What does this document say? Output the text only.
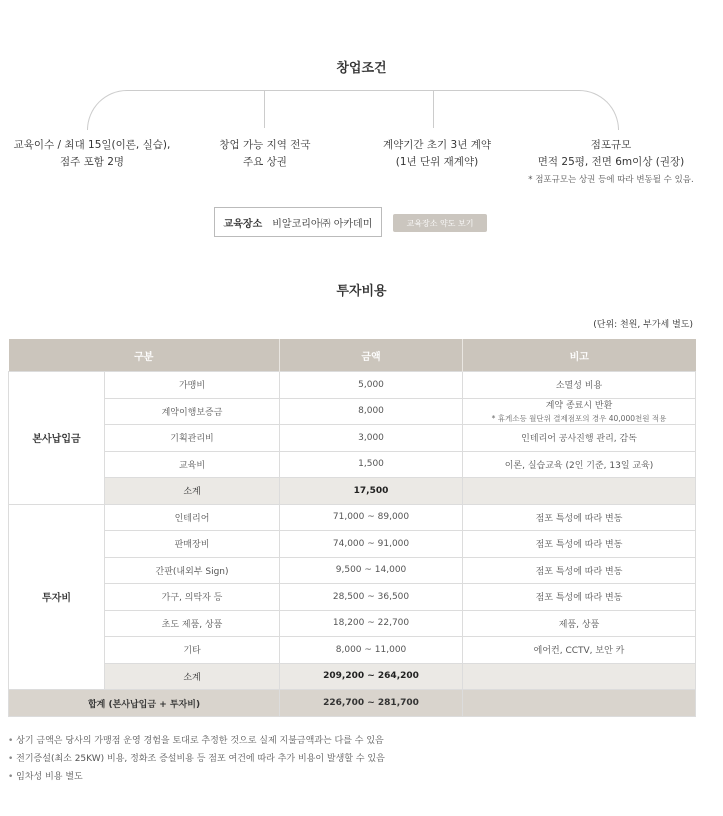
창업조건
교육이수 / 최대 15일(이론, 실습),
점주 포함 2명
창업 가능 지역 전국
주요 상권
계약기간 초기 3년 계약
(1년 단위 재계약)
점포규모
면적 25평, 전면 6m이상 (권장)
* 점포규모는 상권 등에 따라 변동될 수 있음.
교육장소 비알코리아㈜ 아카데미	교육장소 약도 보기
투자비용
(단위: 천원, 부가세 별도)
구분		금액	비고
본사납입금	가맹비	5,000	소멸성 비용
	계약이행보증금	8,000	계약 종료시 반환
* 휴게소등 월단위 결제점포의 경우 40,000천원 적용

	기획관리비	3,000	인테리어 공사진행 관리, 감독
	교육비	1,500	이론, 실습교육 (2인 기준, 13일 교육)
	소계	17,500	
투자비	인테리어	71,000 ~ 89,000	점포 특성에 따라 변동
	판매장비	74,000 ~ 91,000	점포 특성에 따라 변동
	간판(내외부 Sign)	9,500 ~ 14,000	점포 특성에 따라 변동
	가구, 의탁자 등	28,500 ~ 36,500	점포 특성에 따라 변동
	초도 제품, 상품	18,200 ~ 22,700	제품, 상품
	기타	8,000 ~ 11,000	에어컨, CCTV, 보안 카
	소계	209,200 ~ 264,200	
합계 (본사납입금 + 투자비)		226,700 ~ 281,700	
• 상기 금액은 당사의 가맹점 운영 경험을 토대로 추정한 것으로 실제 지불금액과는 다를 수 있음
• 전기증설(최소 25KW) 비용, 정화조 증설비용 등 점포 여건에 따라 추가 비용이 발생할 수 있음
• 임차성 비용 별도
